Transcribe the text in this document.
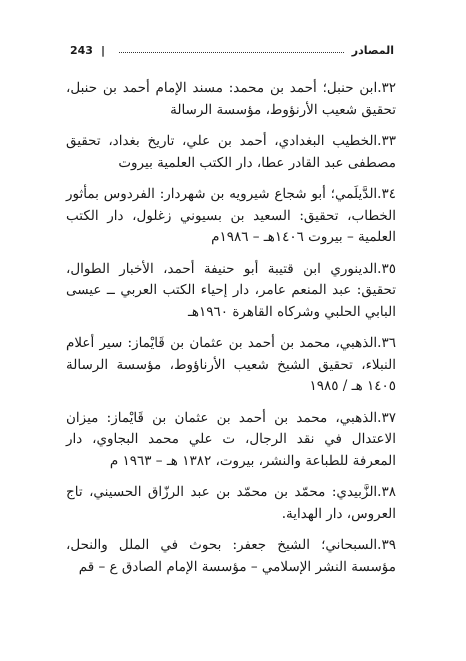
243 |	المصادر

٣٢.ابن حنبل؛ أحمد بن محمد: مسند الإمام أحمد بن حنبل، تحقيق شعيب الأرنؤوط، مؤسسة الرسالة

٣٣.الخطيب البغدادي، أحمد بن علي، تاريخ بغداد، تحقيق مصطفى عبد القادر عطا، دار الكتب العلمية بيروت

٣٤.الدَّيلَمي؛ أبو شجاع شيرويه بن شهردار: الفردوس بمأثور الخطاب، تحقيق: السعيد بن بسيوني زغلول، دار الكتب العلمية – بيروت ١٤٠٦هـ – ١٩٨٦م

٣٥.الدينوري ابن قتيبة أبو حنيفة أحمد، الأخبار الطوال، تحقيق: عبد المنعم عامر، دار إحياء الكتب العربي ــ عيسى البابي الحلبي وشركاه القاهرة ١٩٦٠هـ

٣٦.الذهبي، محمد بن أحمد بن عثمان بن قَايْماز: سير أعلام النبلاء، تحقيق الشيخ شعيب الأرناؤوط، مؤسسة الرسالة ١٤٠٥ هـ / ١٩٨٥

٣٧.الذهبي، محمد بن أحمد بن عثمان بن قَايْماز: ميزان الاعتدال في نقد الرجال، ت علي محمد البجاوي، دار المعرفة للطباعة والنشر، بيروت، ١٣٨٢ هـ – ١٩٦٣ م

٣٨.الزَّبيدي: محمّد بن محمّد بن عبد الرزّاق الحسيني، تاج العروس، دار الهداية.

٣٩.السبحاني؛ الشيخ جعفر: بحوث في الملل والنحل، مؤسسة النشر الإسلامي – مؤسسة الإمام الصادق ع – قم
